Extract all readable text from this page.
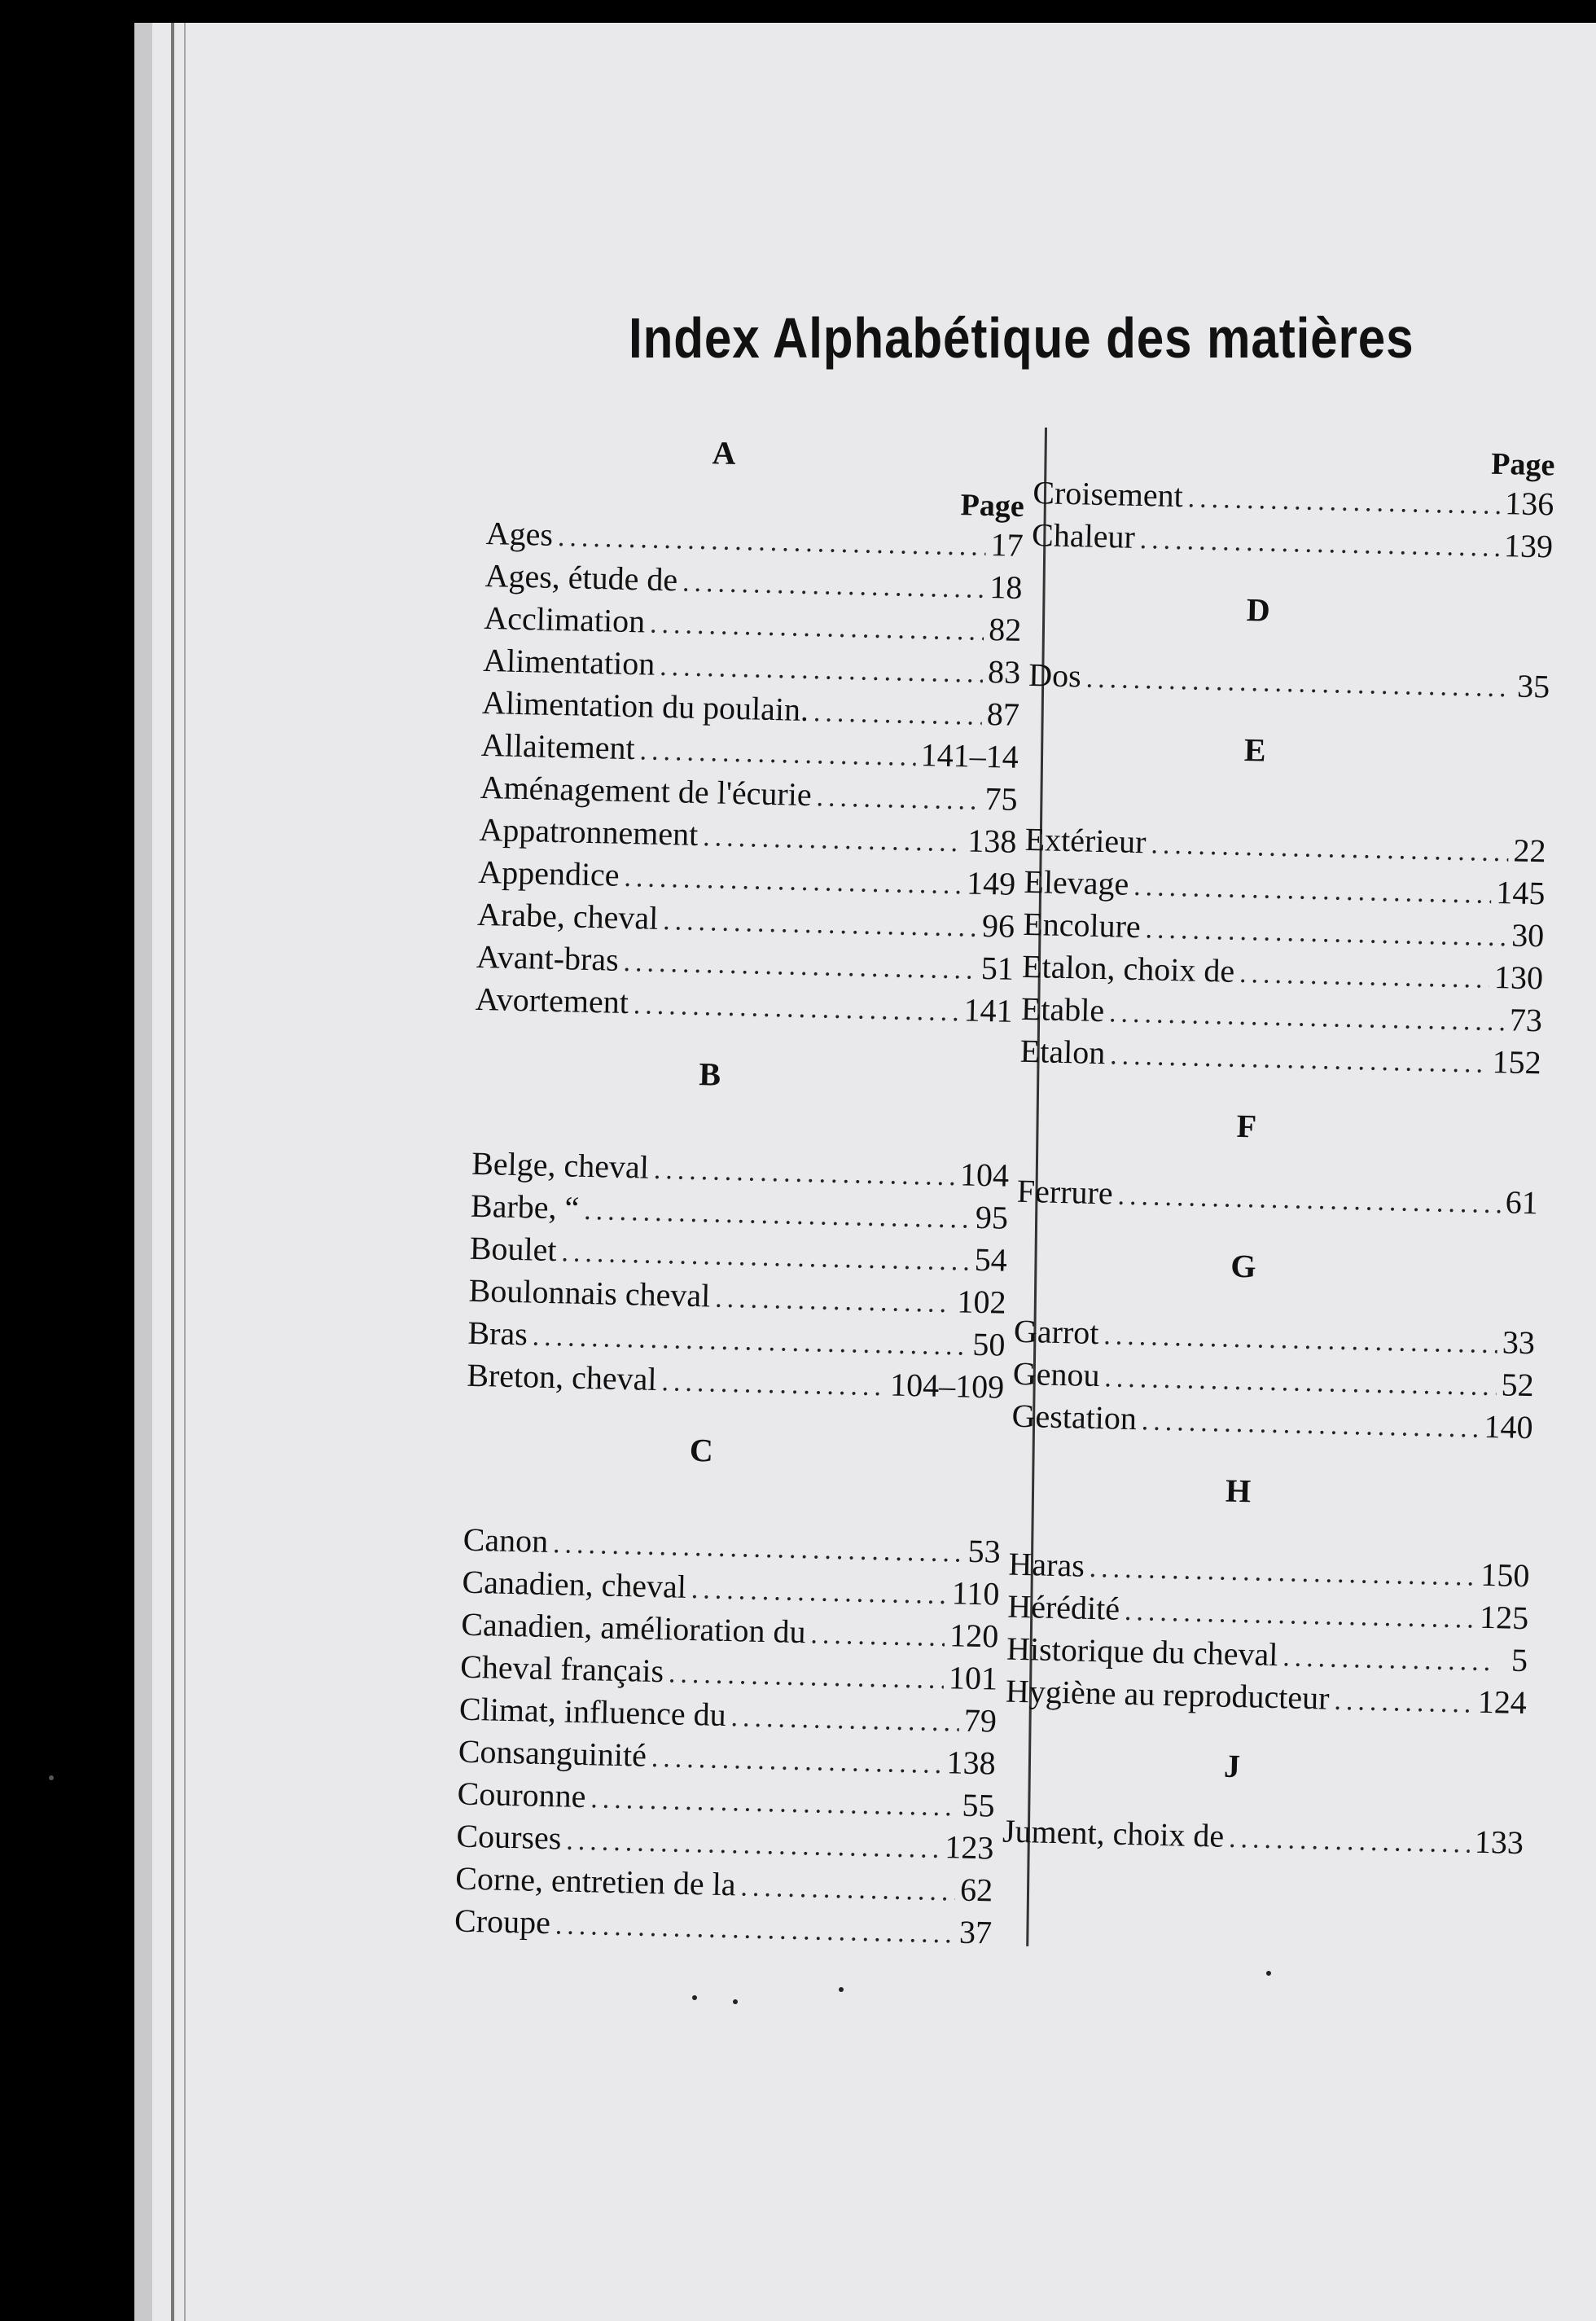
Index Alphabétique des matières
A
Page
Ages .....	17
Ages, étude de .....	18
Acclimation .....	82
Alimentation .....	83
Alimentation du poulain. .....	87
Allaitement .....	141–14
Aménagement de l'écurie .....	75
Appatronnement .....	138
Appendice .....	149
Arabe, cheval .....	96
Avant-bras .....	51
Avortement .....	141
B
Belge, cheval .....	104
Barbe, “ .....	95
Boulet .....	54
Boulonnais cheval .....	102
Bras .....	50
Breton, cheval .....	104–109
C
Canon .....	53
Canadien, cheval .....	110
Canadien, amélioration du .....	120
Cheval français .....	101
Climat, influence du .....	79
Consanguinité .....	138
Couronne .....	55
Courses .....	123
Corne, entretien de la .....	62
Croupe .....	37
Page
Croisement .....	136
Chaleur .....	139
D
Dos .....	35
E
Extérieur .....	22
Elevage .....	145
Encolure .....	30
Etalon, choix de .....	130
Etable .....	73
Etalon .....	152
F
Ferrure .....	61
G
Garrot .....	33
Genou .....	52
Gestation .....	140
H
Haras .....	150
Hérédité .....	125
Historique du cheval .....	5
Hygiène au reproducteur .....	124
J
Jument, choix de .....	133
